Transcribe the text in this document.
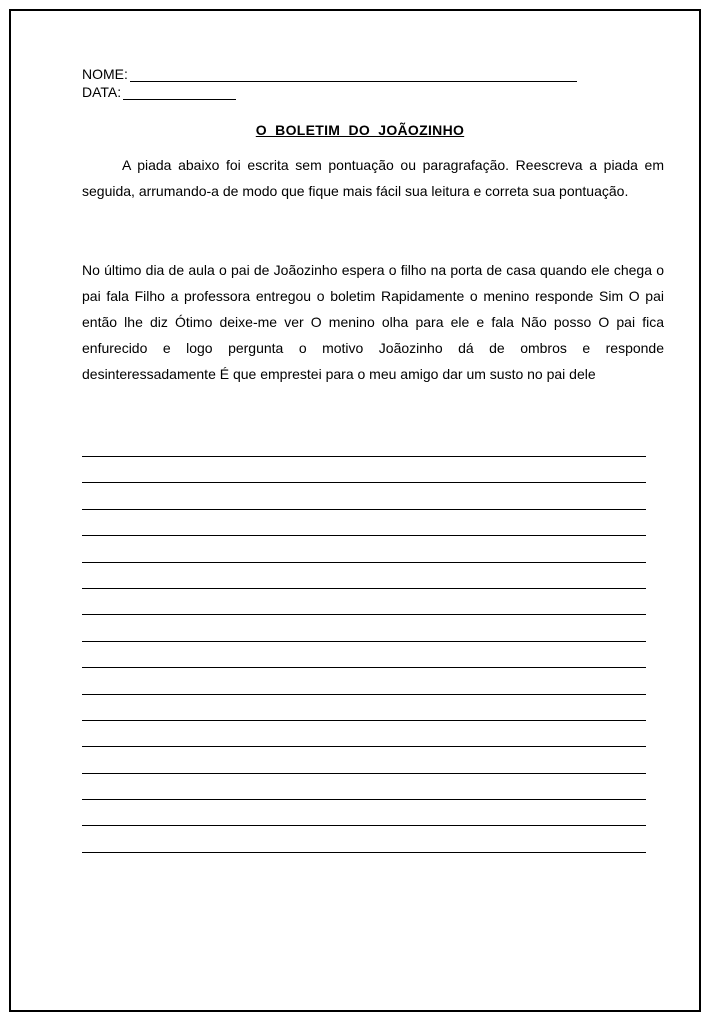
NOME:
DATA:
O BOLETIM DO JOÃOZINHO

A piada abaixo foi escrita sem pontuação ou paragrafação. Reescreva a piada em seguida, arrumando-a de modo que fique mais fácil sua leitura e correta sua pontuação.

No último dia de aula o pai de Joãozinho espera o filho na porta de casa quando ele chega o pai fala Filho a professora entregou o boletim Rapidamente o menino responde Sim O pai então lhe diz Ótimo deixe-me ver O menino olha para ele e fala Não posso O pai fica enfurecido e logo pergunta o motivo Joãozinho dá de ombros e responde desinteressadamente É que emprestei para o meu amigo dar um susto no pai dele
